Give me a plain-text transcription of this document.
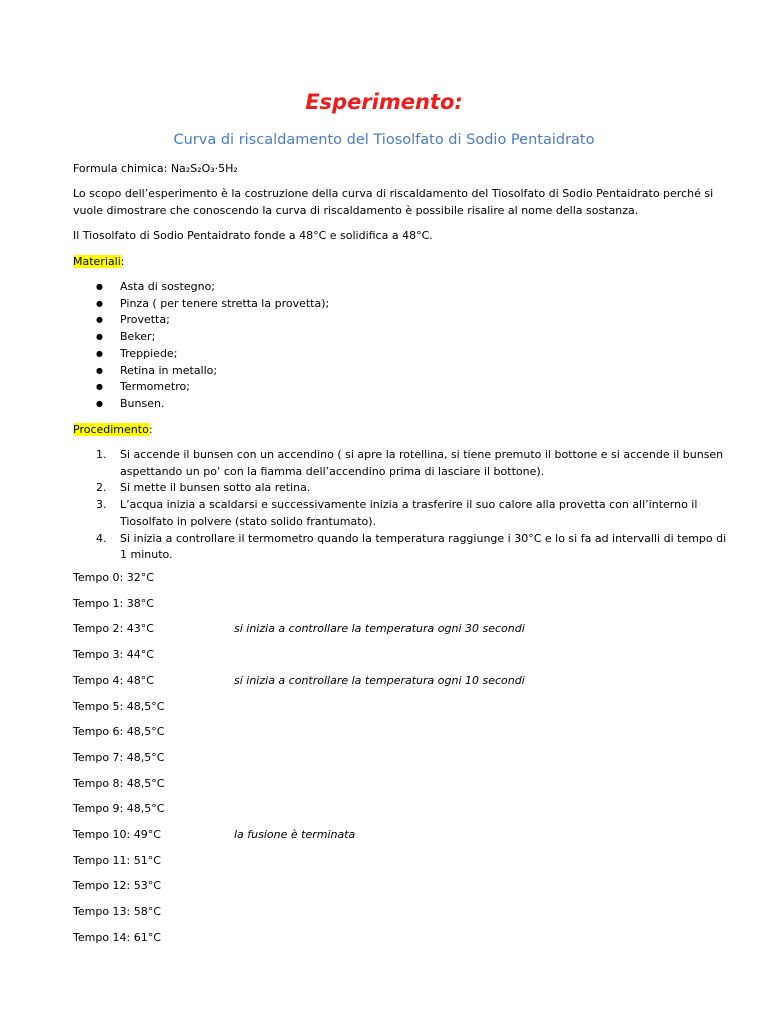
Esperimento:
Curva di riscaldamento del Tiosolfato di Sodio Pentaidrato
Formula chimica: Na₂S₂O₃·5H₂
Lo scopo dell’esperimento è la costruzione della curva di riscaldamento del Tiosolfato di Sodio Pentaidrato perché si
vuole dimostrare che conoscendo la curva di riscaldamento è possibile risalire al nome della sostanza.
Il Tiosolfato di Sodio Pentaidrato fonde a 48°C e solidifica a 48°C.
Materiali:
● Asta di sostegno;
● Pinza ( per tenere stretta la provetta);
● Provetta;
● Beker;
● Treppiede;
● Retina in metallo;
● Termometro;
● Bunsen.
Procedimento:
1. Si accende il bunsen con un accendino ( si apre la rotellina, si tiene premuto il bottone e si accende il bunsen
aspettando un po’ con la fiamma dell’accendino prima di lasciare il bottone).
2. Si mette il bunsen sotto ala retina.
3. L’acqua inizia a scaldarsi e successivamente inizia a trasferire il suo calore alla provetta con all’interno il
Tiosolfato in polvere (stato solido frantumato).
4. Si inizia a controllare il termometro quando la temperatura raggiunge i 30°C e lo si fa ad intervalli di tempo di
1 minuto.
Tempo 0: 32°C
Tempo 1: 38°C
Tempo 2: 43°C	si inizia a controllare la temperatura ogni 30 secondi
Tempo 3: 44°C
Tempo 4: 48°C	si inizia a controllare la temperatura ogni 10 secondi
Tempo 5: 48,5°C
Tempo 6: 48,5°C
Tempo 7: 48,5°C
Tempo 8: 48,5°C
Tempo 9: 48,5°C
Tempo 10: 49°C	la fusione è terminata
Tempo 11: 51°C
Tempo 12: 53°C
Tempo 13: 58°C
Tempo 14: 61°C
